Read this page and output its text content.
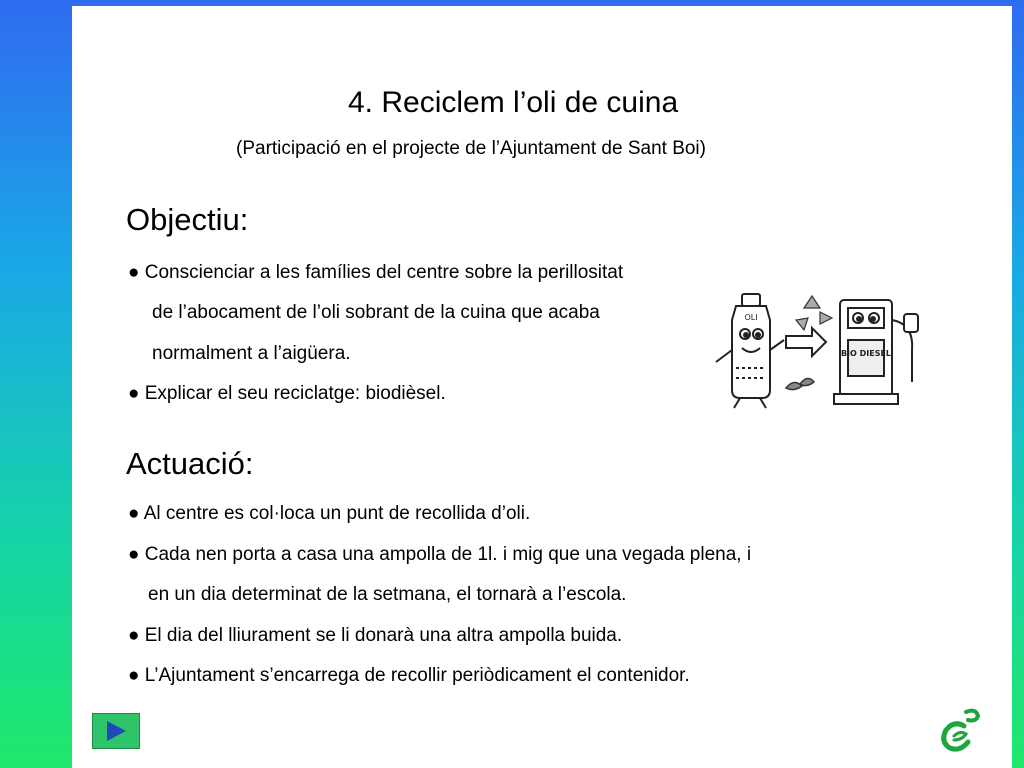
4. Reciclem l’oli de cuina
(Participació en el projecte de l’Ajuntament de Sant Boi)
Objectiu:
● Conscienciar a les famílies del centre sobre la perillositat
de l’abocament de l’oli sobrant de la cuina que acaba
normalment a l’aigüera.
● Explicar el seu reciclatge: biodièsel.
Actuació:
● Al centre es col·loca un punt de recollida d’oli.
● Cada nen porta a casa una ampolla de 1l. i mig que una vegada plena, i
en un dia determinat de la setmana, el tornarà a l’escola.
● El dia del lliurament se li donarà una altra ampolla buida.
● L’Ajuntament s’encarrega de recollir periòdicament el contenidor.
OLI
BIO DIESEL
